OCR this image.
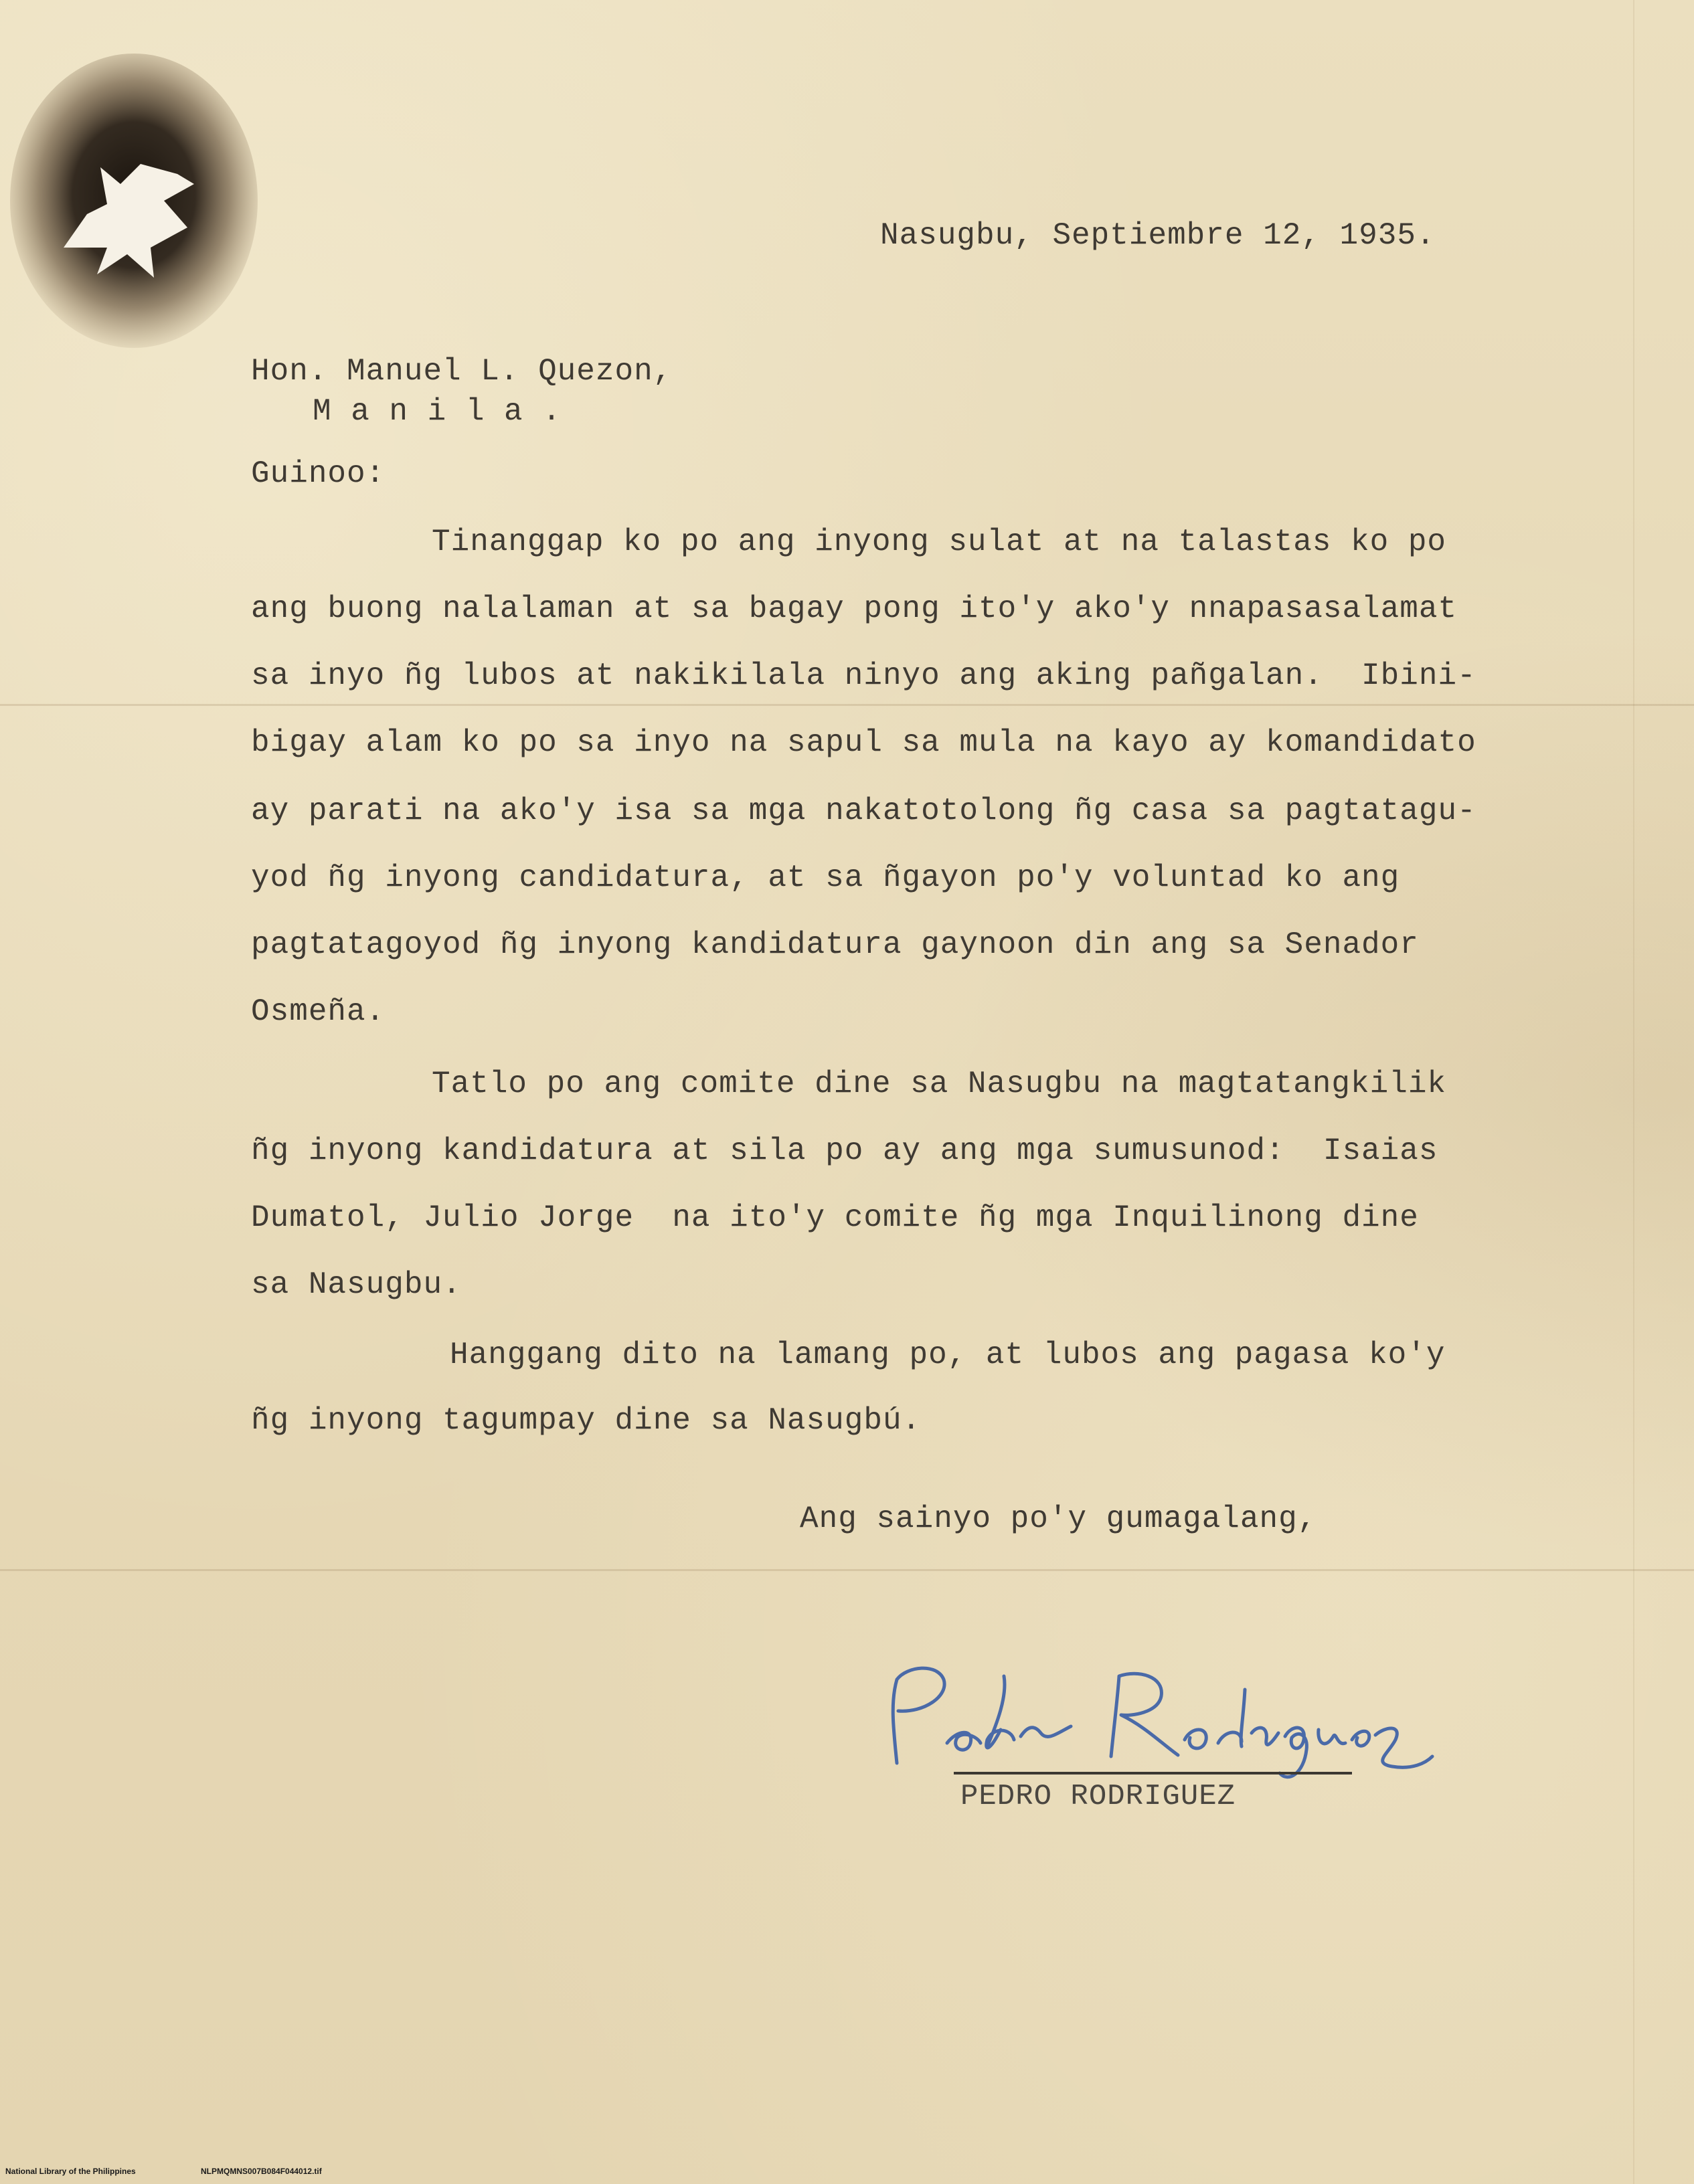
Nasugbu, Septiembre 12, 1935.
Hon. Manuel L. Quezon,
M a n i l a .
Guinoo:
Tinanggap ko po ang inyong sulat at na talastas ko po
ang buong nalalaman at sa bagay pong ito'y ako'y nnapasasalamat
sa inyo ñg lubos at nakikilala ninyo ang aking pañgalan.  Ibini-
bigay alam ko po sa inyo na sapul sa mula na kayo ay komandidato
ay parati na ako'y isa sa mga nakatotolong ñg casa sa pagtatagu-
yod ñg inyong candidatura, at sa ñgayon po'y voluntad ko ang
pagtatagoyod ñg inyong kandidatura gaynoon din ang sa Senador
Osmeña.
Tatlo po ang comite dine sa Nasugbu na magtatangkilik
ñg inyong kandidatura at sila po ay ang mga sumusunod:  Isaias
Dumatol, Julio Jorge  na ito'y comite ñg mga Inquilinong dine
sa Nasugbu.
Hanggang dito na lamang po, at lubos ang pagasa ko'y
ñg inyong tagumpay dine sa Nasugbú.
Ang sainyo po'y gumagalang,
PEDRO RODRIGUEZ
National Library of the Philippines	NLPMQMNS007B084F044012.tif
